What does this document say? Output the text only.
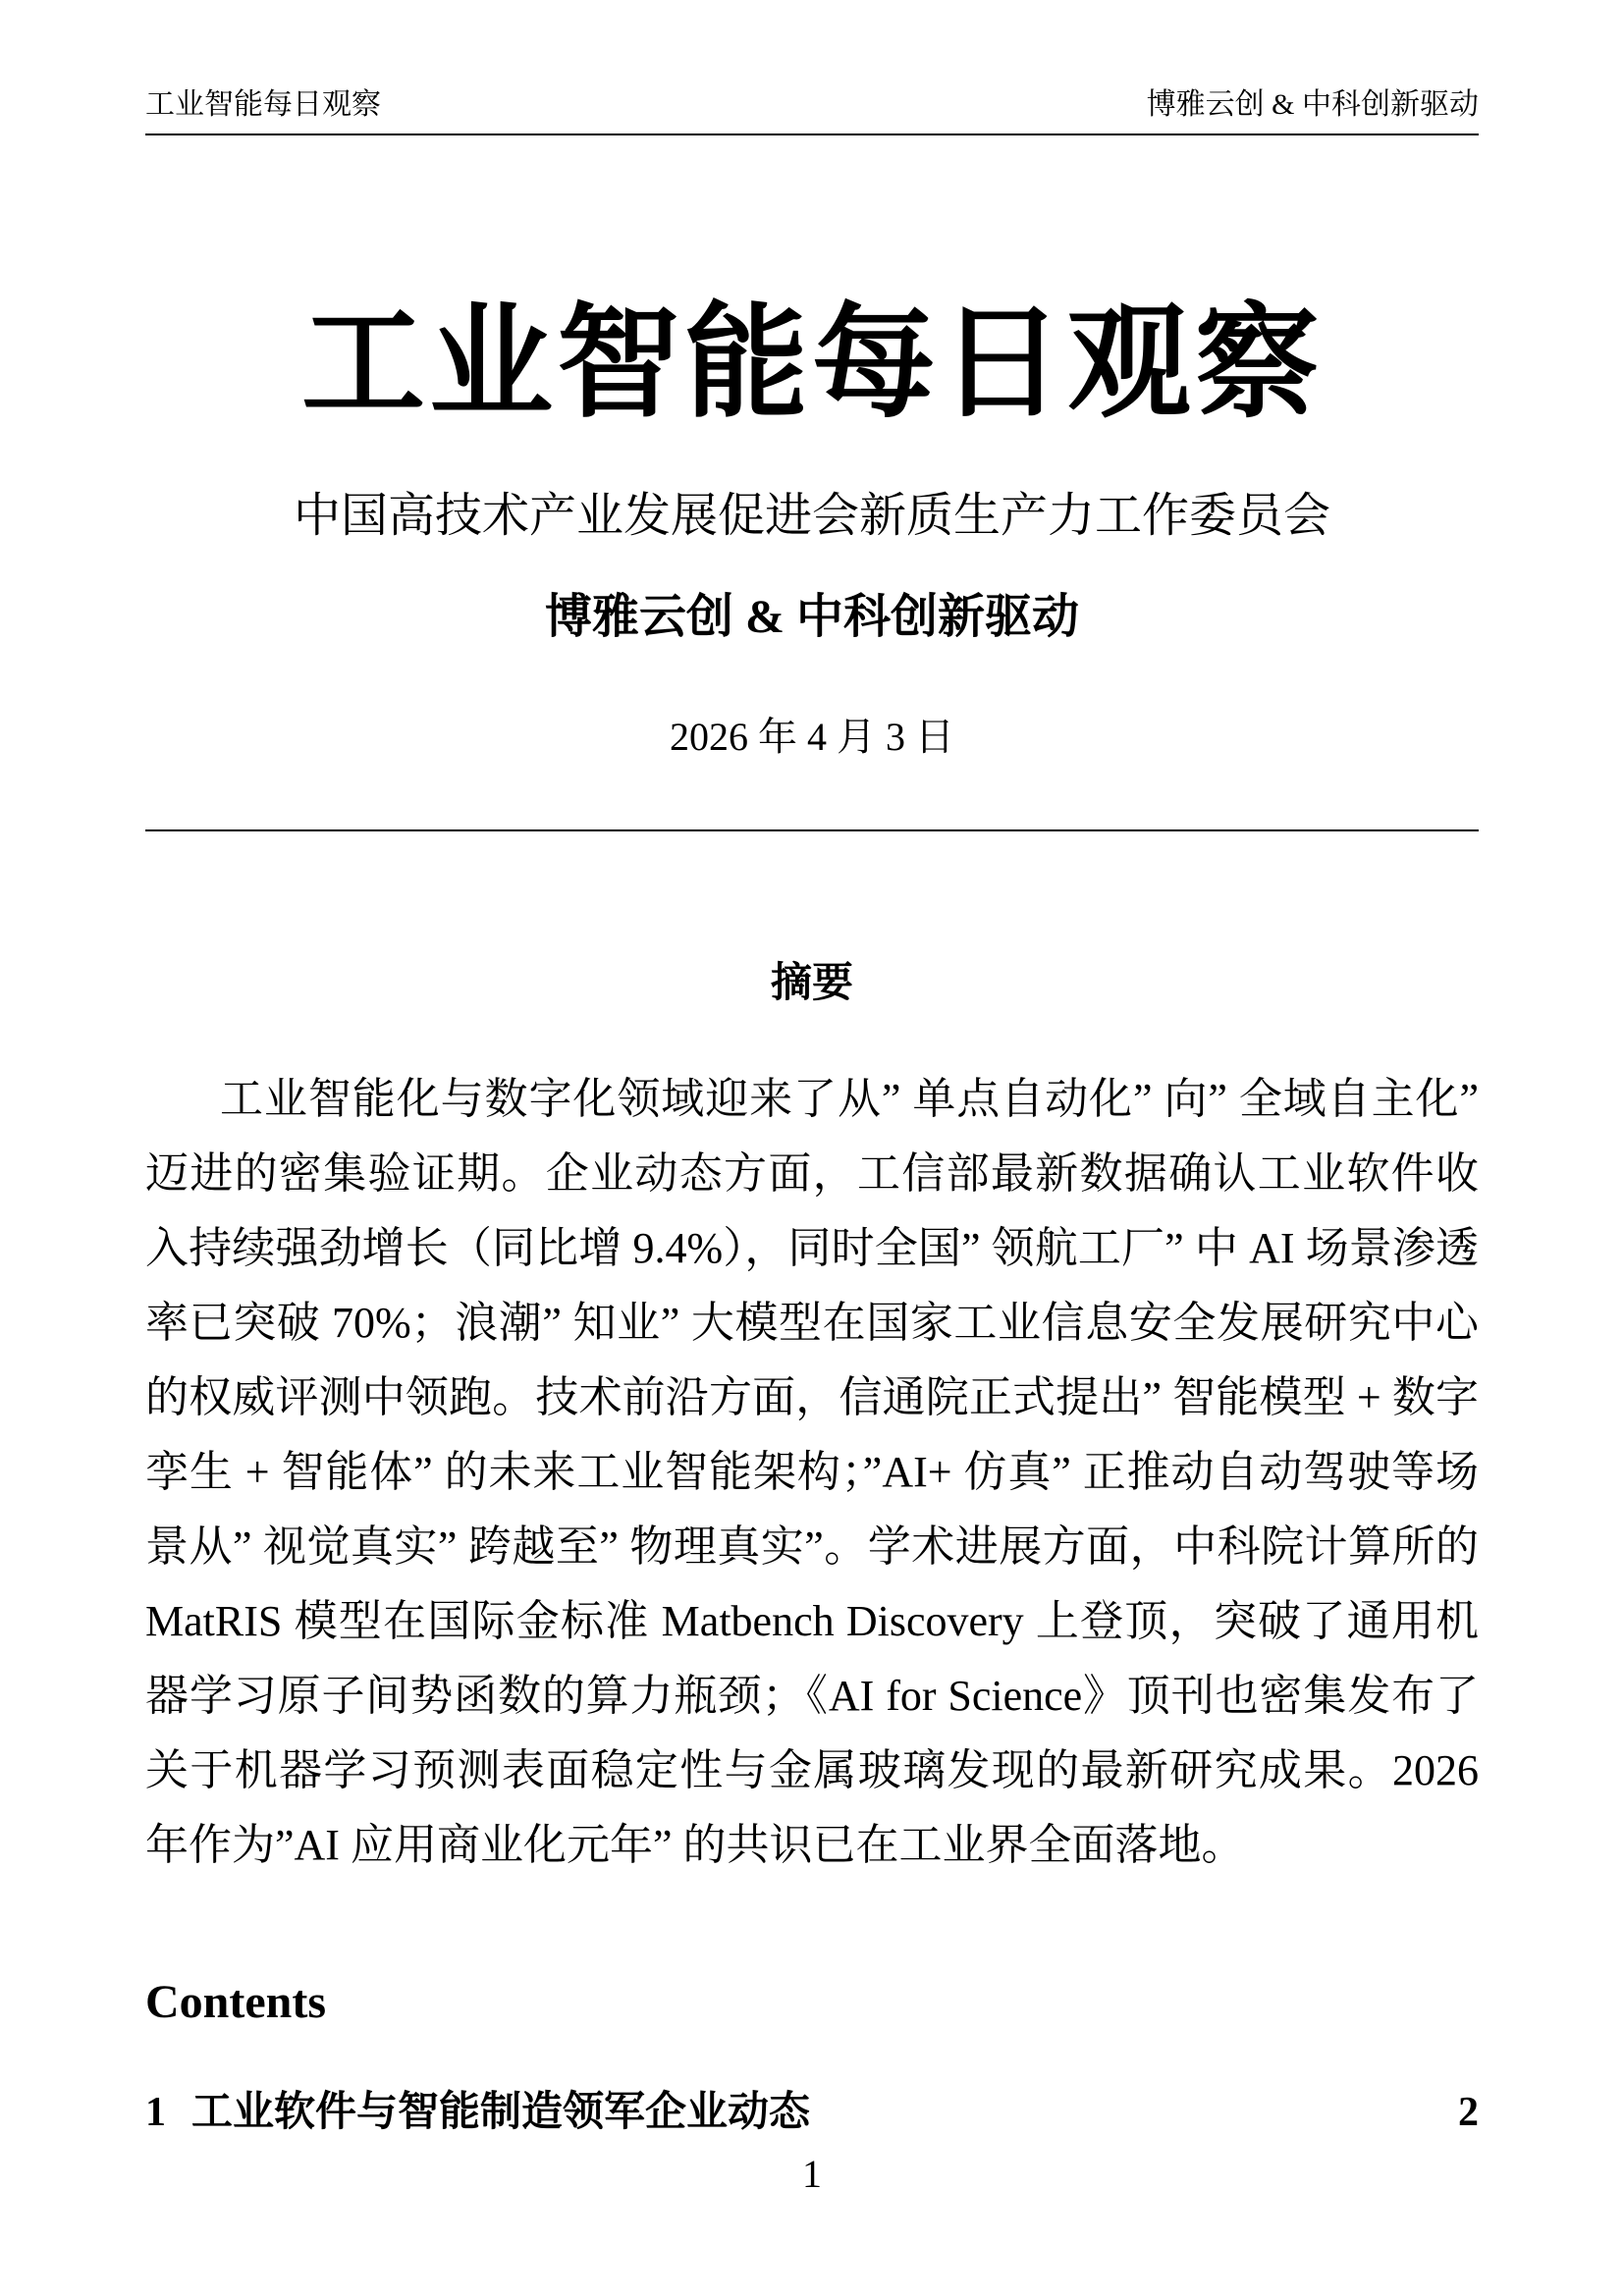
工业智能每日观察	博雅云创 & 中科创新驱动
工业智能每日观察
中国高技术产业发展促进会新质生产力工作委员会
博雅云创 & 中科创新驱动
2026 年 4 月 3 日
摘要

工业智能化与数字化领域迎来了从” 单点自动化” 向” 全域自主化” 迈进的密集验证期。企业动态方面，工信部最新数据确认工业软件收入持续强劲增长（同比增 9.4%），同时全国” 领航工厂” 中 AI 场景渗透率已突破 70%；浪潮” 知业” 大模型在国家工业信息安全发展研究中心的权威评测中领跑。技术前沿方面，信通院正式提出” 智能模型 + 数字孪生 + 智能体” 的未来工业智能架构；”AI+ 仿真” 正推动自动驾驶等场景从” 视觉真实” 跨越至” 物理真实”。学术进展方面，中科院计算所的 MatRIS 模型在国际金标准 Matbench Discovery 上登顶，突破了通用机器学习原子间势函数的算力瓶颈；《AI for Science》顶刊也密集发布了关于机器学习预测表面稳定性与金属玻璃发现的最新研究成果。2026 年作为”AI 应用商业化元年” 的共识已在工业界全面落地。

Contents
1 工业软件与智能制造领军企业动态	2
1
